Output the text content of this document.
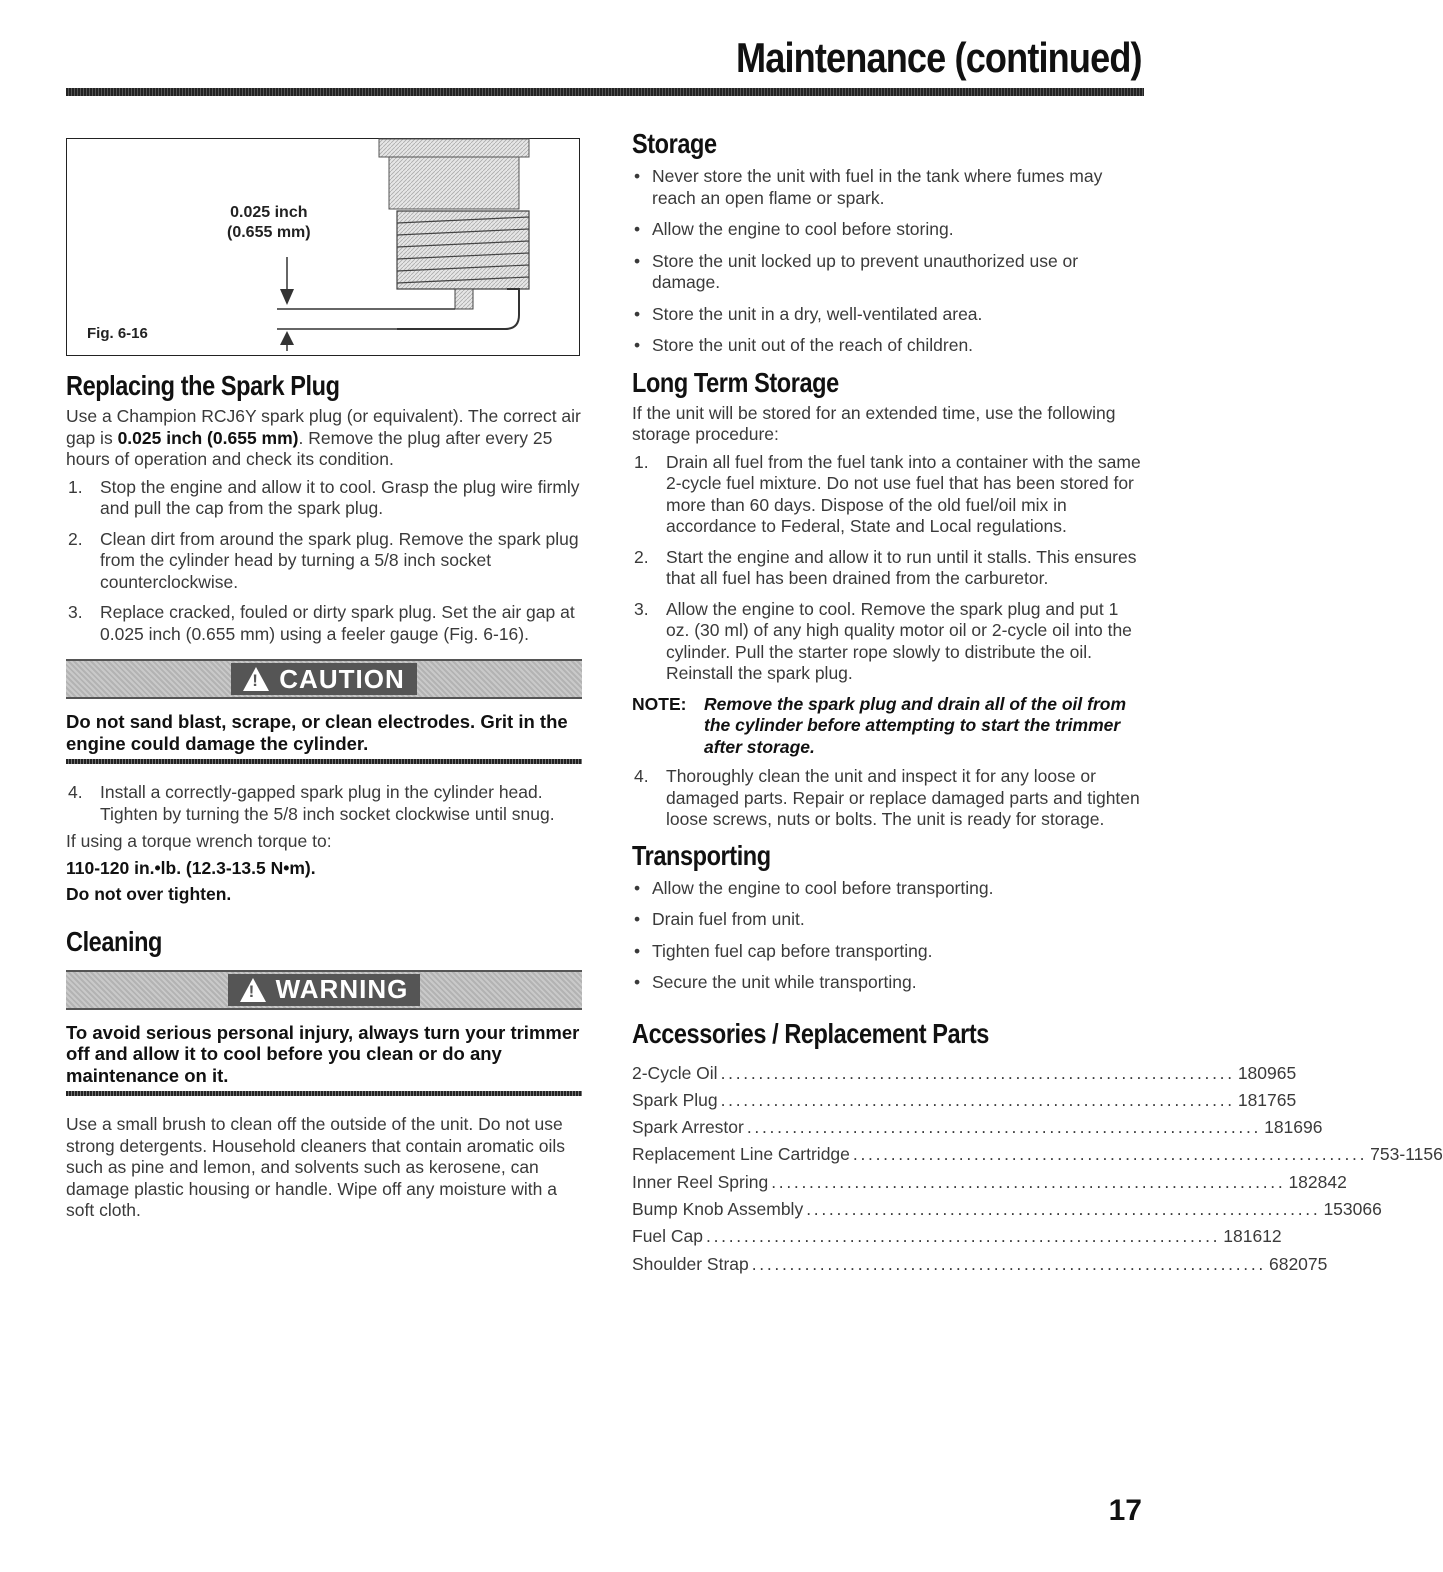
Maintenance (continued)
0.025 inch
(0.655 mm)
Fig. 6-16
Replacing the Spark Plug

Use a Champion RCJ6Y spark plug (or equivalent). The correct air gap is 0.025 inch (0.655 mm). Remove the plug after every 25 hours of operation and check its condition.

1. Stop the engine and allow it to cool. Grasp the plug wire firmly and pull the cap from the spark plug.
2. Clean dirt from around the spark plug. Remove the spark plug from the cylinder head by turning a 5/8 inch socket counterclockwise.
3. Replace cracked, fouled or dirty spark plug. Set the air gap at 0.025 inch (0.655 mm) using a feeler gauge (Fig. 6-16).
! CAUTION
Do not sand blast, scrape, or clean electrodes. Grit in the engine could damage the cylinder.
4. Install a correctly-gapped spark plug in the cylinder head. Tighten by turning the 5/8 inch socket clockwise until snug.

If using a torque wrench torque to:

110-120 in.•lb. (12.3-13.5 N•m).

Do not over tighten.

Cleaning
! WARNING
To avoid serious personal injury, always turn your trimmer off and allow it to cool before you clean or do any maintenance on it.

Use a small brush to clean off the outside of the unit. Do not use strong detergents. Household cleaners that contain aromatic oils such as pine and lemon, and solvents such as kerosene, can damage plastic housing or handle. Wipe off any moisture with a soft cloth.

Storage
• Never store the unit with fuel in the tank where fumes may reach an open flame or spark.
• Allow the engine to cool before storing.
• Store the unit locked up to prevent unauthorized use or damage.
• Store the unit in a dry, well-ventilated area.
• Store the unit out of the reach of children.
Long Term Storage

If the unit will be stored for an extended time, use the following storage procedure:

1. Drain all fuel from the fuel tank into a container with the same 2-cycle fuel mixture. Do not use fuel that has been stored for more than 60 days. Dispose of the old fuel/oil mix in accordance to Federal, State and Local regulations.
2. Start the engine and allow it to run until it stalls. This ensures that all fuel has been drained from the carburetor.
3. Allow the engine to cool. Remove the spark plug and put 1 oz. (30 ml) of any high quality motor oil or 2-cycle oil into the cylinder. Pull the starter rope slowly to distribute the oil. Reinstall the spark plug.
NOTE:	Remove the spark plug and drain all of the oil from the cylinder before attempting to start the trimmer after storage.
4. Thoroughly clean the unit and inspect it for any loose or damaged parts. Repair or replace damaged parts and tighten loose screws, nuts or bolts. The unit is ready for storage.
Transporting
• Allow the engine to cool before transporting.
• Drain fuel from unit.
• Tighten fuel cap before transporting.
• Secure the unit while transporting.
Accessories / Replacement Parts
2-Cycle Oil .................................................................... 180965
Spark Plug .................................................................... 181765
Spark Arrestor .................................................................... 181696
Replacement Line Cartridge .................................................................... 753-1156
Inner Reel Spring .................................................................... 182842
Bump Knob Assembly .................................................................... 153066
Fuel Cap .................................................................... 181612
Shoulder Strap .................................................................... 682075
17
